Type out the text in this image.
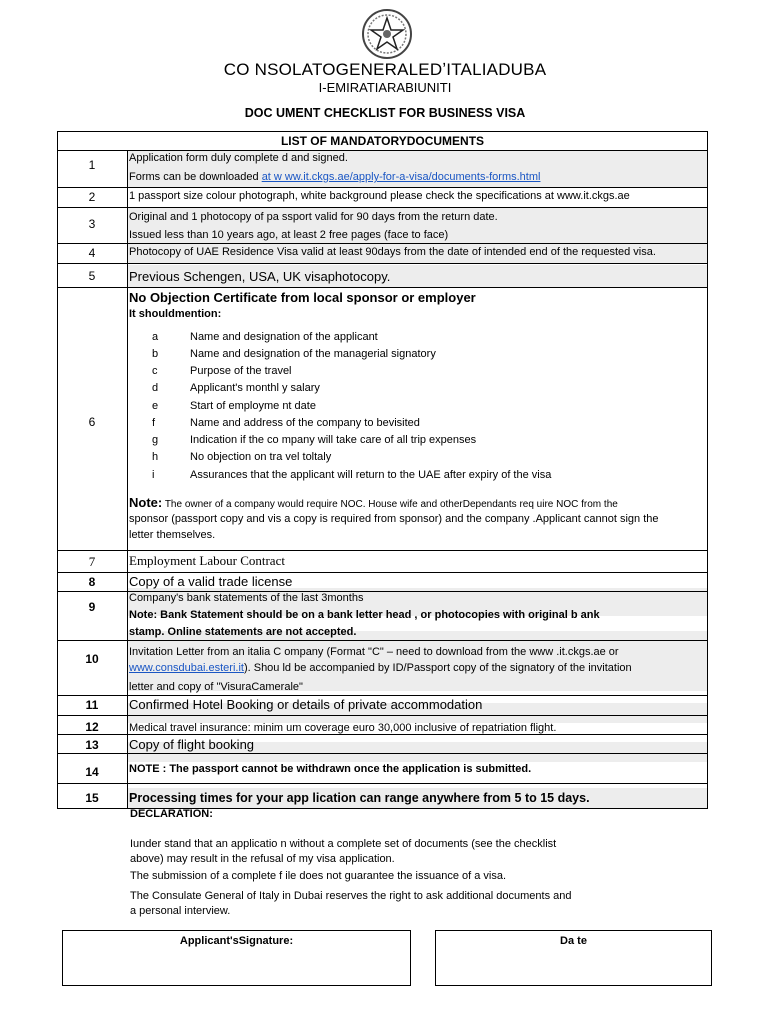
CO NSOLATOGENERALEDʼITALIADUBA
I-EMIRATIARABIUNITI
DOC UMENT CHECKLIST FOR BUSINESS VISA
LIST OF MANDATORYDOCUMENTS
1	Application form duly complete d and signed.
Forms can be downloaded at w ww.it.ckgs.ae/apply-for-a-visa/documents-forms.html
2	1 passport size colour photograph, white background please check the specifications at www.it.ckgs.ae
3	Original and 1 photocopy of pa ssport valid for 90 days from the return date.
Issued less than 10 years ago, at least 2 free pages (face to face)
4	Photocopy of UAE Residence Visa valid at least 90days from the date of intended end of the requested visa.
5	Previous Schengen, USA, UK visaphotocopy.
6
No Objection Certificate from local sponsor or employer
It shouldmention:
a	Name and designation of the applicant
b	Name and designation of the managerial signatory
c	Purpose of the travel
d	Applicant's monthl y salary
e	Start of employme nt date
f	Name and address of the company to bevisited
g	Indication if the co mpany will take care of all trip expenses
h	No objection on tra vel toltaly
i	Assurances that the applicant will return to the UAE after expiry of the visa
Note: The owner of a company would require NOC. House wife and otherDependants req uire NOC from the
sponsor (passport copy and vis a copy is required from sponsor) and the company .Applicant cannot sign the
letter themselves.
7	Employment Labour Contract
8	Copy of a valid trade license
9
Company's bank statements of the last 3months
Note: Bank Statement should be on a bank letter head , or photocopies with original b ank
stamp. Online statements are not accepted.
10	Invitation Letter from an italia C ompany (Format "C" – need to download from the www .it.ckgs.ae or
www.consdubai.esteri.it). Shou ld be accompanied by ID/Passport copy of the signatory of the invitation
letter and copy of "VisuraCamerale"
11	Confirmed Hotel Booking or details of private accommodation
12	Medical travel insurance: minim um coverage euro 30,000 inclusive of repatriation flight.
13	Copy of flight booking
14	NOTE : The passport cannot be withdrawn once the application is submitted.
15	Processing times for your app lication can range anywhere from 5 to 15 days.
DECLARATION:
Iunder stand that an applicatio n without a complete set of documents (see the checklist
above) may result in the refusal of my visa application.
The submission of a complete f ile does not guarantee the issuance of a visa.
The Consulate General of Italy in Dubai reserves the right to ask additional documents and
a personal interview.
Applicant'sSignature:	Da te
